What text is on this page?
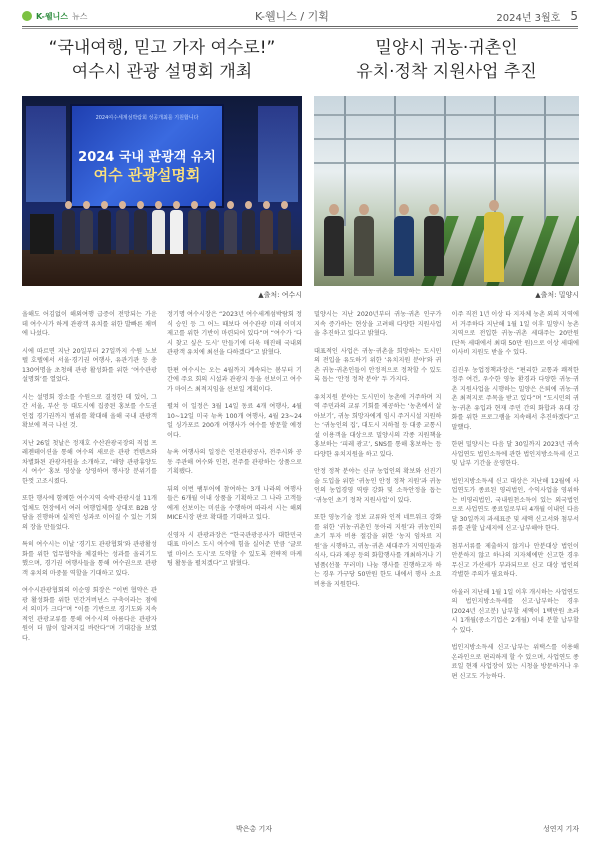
K-웰니스 뉴스	K-웰니스 / 기획	2024년 3월호 5
“국내여행, 믿고 가자 여수로!”
여수시 관광 설명회 개최
2024여수세계섬박람회 성공개최를 기원합니다
2024 국내 관광객 유치
여수 관광설명회
▲출처: 여수시

올해도 어김없이 해외여행 급증이 전망되는 가운데 여수시가 하계 관광객 유치를 위한 발빠른 채비에 나섰다.

시에 따르면 지난 20일부터 27일까지 수원 노보텔 호텔에서 서울·경기권 여행사, 유관기관 등 총 130여명을 초청해 관광 활성화를 위한 ‘여수관광 설명회’를 열었다.

시는 설명회 장소를 수원으로 결정한 데 있어, 그간 서울, 부산 등 대도시에 집중된 홍보를 수도권 인접 경기권까지 범위를 확대해 올해 국내 관광객 확보에 적극 나선 것.

지난 26일 첫날은 정재호 수산관광국장의 직접 프레젠테이션을 통해 여수의 새로운 관광 컨텐츠와 차별화된 관광자원을 소개하고, ‘해양 관광휴양도시 여수’ 홍보 영상을 상영하며 행사장 분위기를 한껏 고조시켰다.

또한 행사에 함께한 여수지역 숙박·관광시설 11개 업체도 현장에서 여러 여행업체를 상대로 B2B 상담을 진행하며 실적인 성과로 이어질 수 있는 기회의 장을 만들었다.

특히 여수시는 이날 ‘경기도 관광협회’와 관광활성화를 위한 업무협약을 체결하는 성과를 올리기도 했으며, 경기권 여행사들을 통해 여수권으로 관광객 유치의 마중물 역할을 기대하고 있다.

여수시관광협회의 이순영 회장은 “이번 협약은 관광 활성화를 위한 민간거버넌스 구축이라는 점에서 의미가 크다”며 “이를 기반으로 경기도와 지속적인 관광교류를 통해 여수시의 아름다운 관광자원이 더 많이 알려지길 바란다”며 기대감을 보였다.

정기명 여수시장은 “2023년 여수세계섬박람회 정식 승인 등 그 어느 때보다 여수관광 미래 이미지 제고를 위한 기반이 마련되어 있다”며 “여수가 ‘다시 찾고 싶은 도시’ 만들기에 더욱 매진해 국내외 관광객 유치에 최선을 다하겠다”고 밝혔다.

한편 여수시는 오는 4월까지 계속되는 봄부터 기간에 주요 회의 시설과 관광지 등을 선보이고 여수가 마이스 최적지임을 선보일 계획이다.

펼쳐 이 일정은 3월 14일 동료 4개 여행사, 4월 10~12일 미국 뉴욕 100개 여행사, 4월 23~24일 싱가포르 200개 여행사가 여수를 방문할 예정이다.

뉴욕 여행사의 일정은 인천관광공사, 전주시와 공동 주관해 여수와 인천, 전주를 관광하는 상품으로 기획됐다.

뒤의 이번 팸투어에 참여하는 3개 나라의 여행사들은 6개월 이내 상품을 기획하고 그 나라 고객들에게 선보이는 미션을 수행하며 따라서 시는 해외 MICE시장 판로 확대를 기대하고 있다.

신영자 시 관광과장은 “한국관광공사가 대한민국 대표 마이스 도시 여수에 힘을 실어준 만큼 ‘글로벌 마이스 도시’로 도약할 수 있도록 전략적 마케팅 활동을 펼치겠다”고 밝혔다.

박은총 기자
밀양시 귀농·귀촌인
유치·정착 지원사업 추진
▲출처: 밀양시

밀양시는 지난 2020년부터 귀농·귀촌 인구가 지속 증가하는 현상을 고려해 다양한 지원사업을 추진하고 있다고 밝혔다.

대표적인 사업은 귀농·귀촌을 희망하는 도시민의 전입을 유도하기 위한 ‘유치지원 분야’와 귀촌 귀농·귀촌인들이 안정적으로 정착할 수 있도록 돕는 ‘안정 정착 분야’ 두 가지다.

유치지원 분야는 도시민이 농촌에 거주하며 지역 주민과의 교류 기회를 제공하는 ‘농촌에서 살아보기’, 귀농 희망자에게 임시 주거시설 지원하는 ‘귀농인의 집’, 대도시 지하철 등 대중 교통시설 이용객을 대상으로 밀양시의 각종 지원책을 홍보하는 ‘피레 광고’, SNS를 통해 홍보하는 등 다양한 유치지원을 하고 있다.

안정 정착 분야는 신규 농업인의 확보와 선진기술 도입을 위한 ‘귀농인 안정 정착 지원’과 귀농인의 농업경영 역량 강화 및 소득안정을 돕는 ‘귀농인 초기 정착 지원사업’이 있다.

또한 영농기술 정보 교류와 인적 네트워크 강화를 위한 ‘귀농·귀촌인 동아리 지원’과 귀농인의 초기 투자 비용 절감을 위한 ‘농지 임차료 지원’을 시행하고, 귀농·귀촌 세대주가 지역민들과 식사, 다과 제공 등의 화합행사를 개최하거나 기념품(선물 꾸러미) 나눔 행사를 진행하고자 하는 경우 가구당 50만원 한도 내에서 행사 소요 비용을 지원한다.

이주 직전 1년 이상 타 지자체 농촌 외의 지역에서 거주하다 지난해 1월 1일 이후 밀양시 농촌지역으로 전입한 귀농·귀촌 세대주는 20만원(단독 세대에서 최대 50만 원)으로 이상 세대에 이사비 지원도 받을 수 있다.

김진우 농업정책과장은 “편리한 교통과 쾌적한 정주 여건, 우수한 영농 환경과 다양한 귀농·귀촌 지원사업을 시행하는 밀양은 은퇴에 귀농·귀촌 최적지로 주목을 받고 있다”며 “도시민의 귀농·귀촌 유입과 현재 주민 간의 화합과 유대 강화를 위한 프로그램을 지속해서 추진하겠다”고 말했다.

한편 밀양시는 다음 달 30일까지 2023년 귀속 사업연도 법인소득에 관한 법인지방소득세 신고 및 납부 기간을 운영한다.

법인지방소득세 신고 대상은 지난해 12월에 사업연도가 종료된 영리법인, 수익사업을 영위하는 비영리법인, 국내원천소득이 있는 외국법인으로 사업연도 종료일로부터 4개월 이내인 다음 달 30일까지 과세표준 및 세액 신고서와 첨부서류를 관할 납세지에 신고·납부해야 한다.

첨부서류를 제출하지 않거나 안분대상 법인이 안분하지 않고 하나의 지자체에만 신고한 경우 무신고 가산세가 부과되므로 신고 대상 법인의 각별한 주의가 필요하다.

아울러 지난해 1월 1일 이후 개시하는 사업연도의 법인지방소득세를 신고·납부하는 경우(2024년 신고분) 납부할 세액이 1백만원 초과 시 1개월(중소기업은 2개월) 이내 분할 납부할 수 있다.

법인지방소득세 신고·납부는 위택스를 이용해 온라인으로 편리하게 할 수 있으며, 사업연도 종료일 현재 사업장이 있는 시청을 방문하거나 우편 신고도 가능하다.

성연지 기자
